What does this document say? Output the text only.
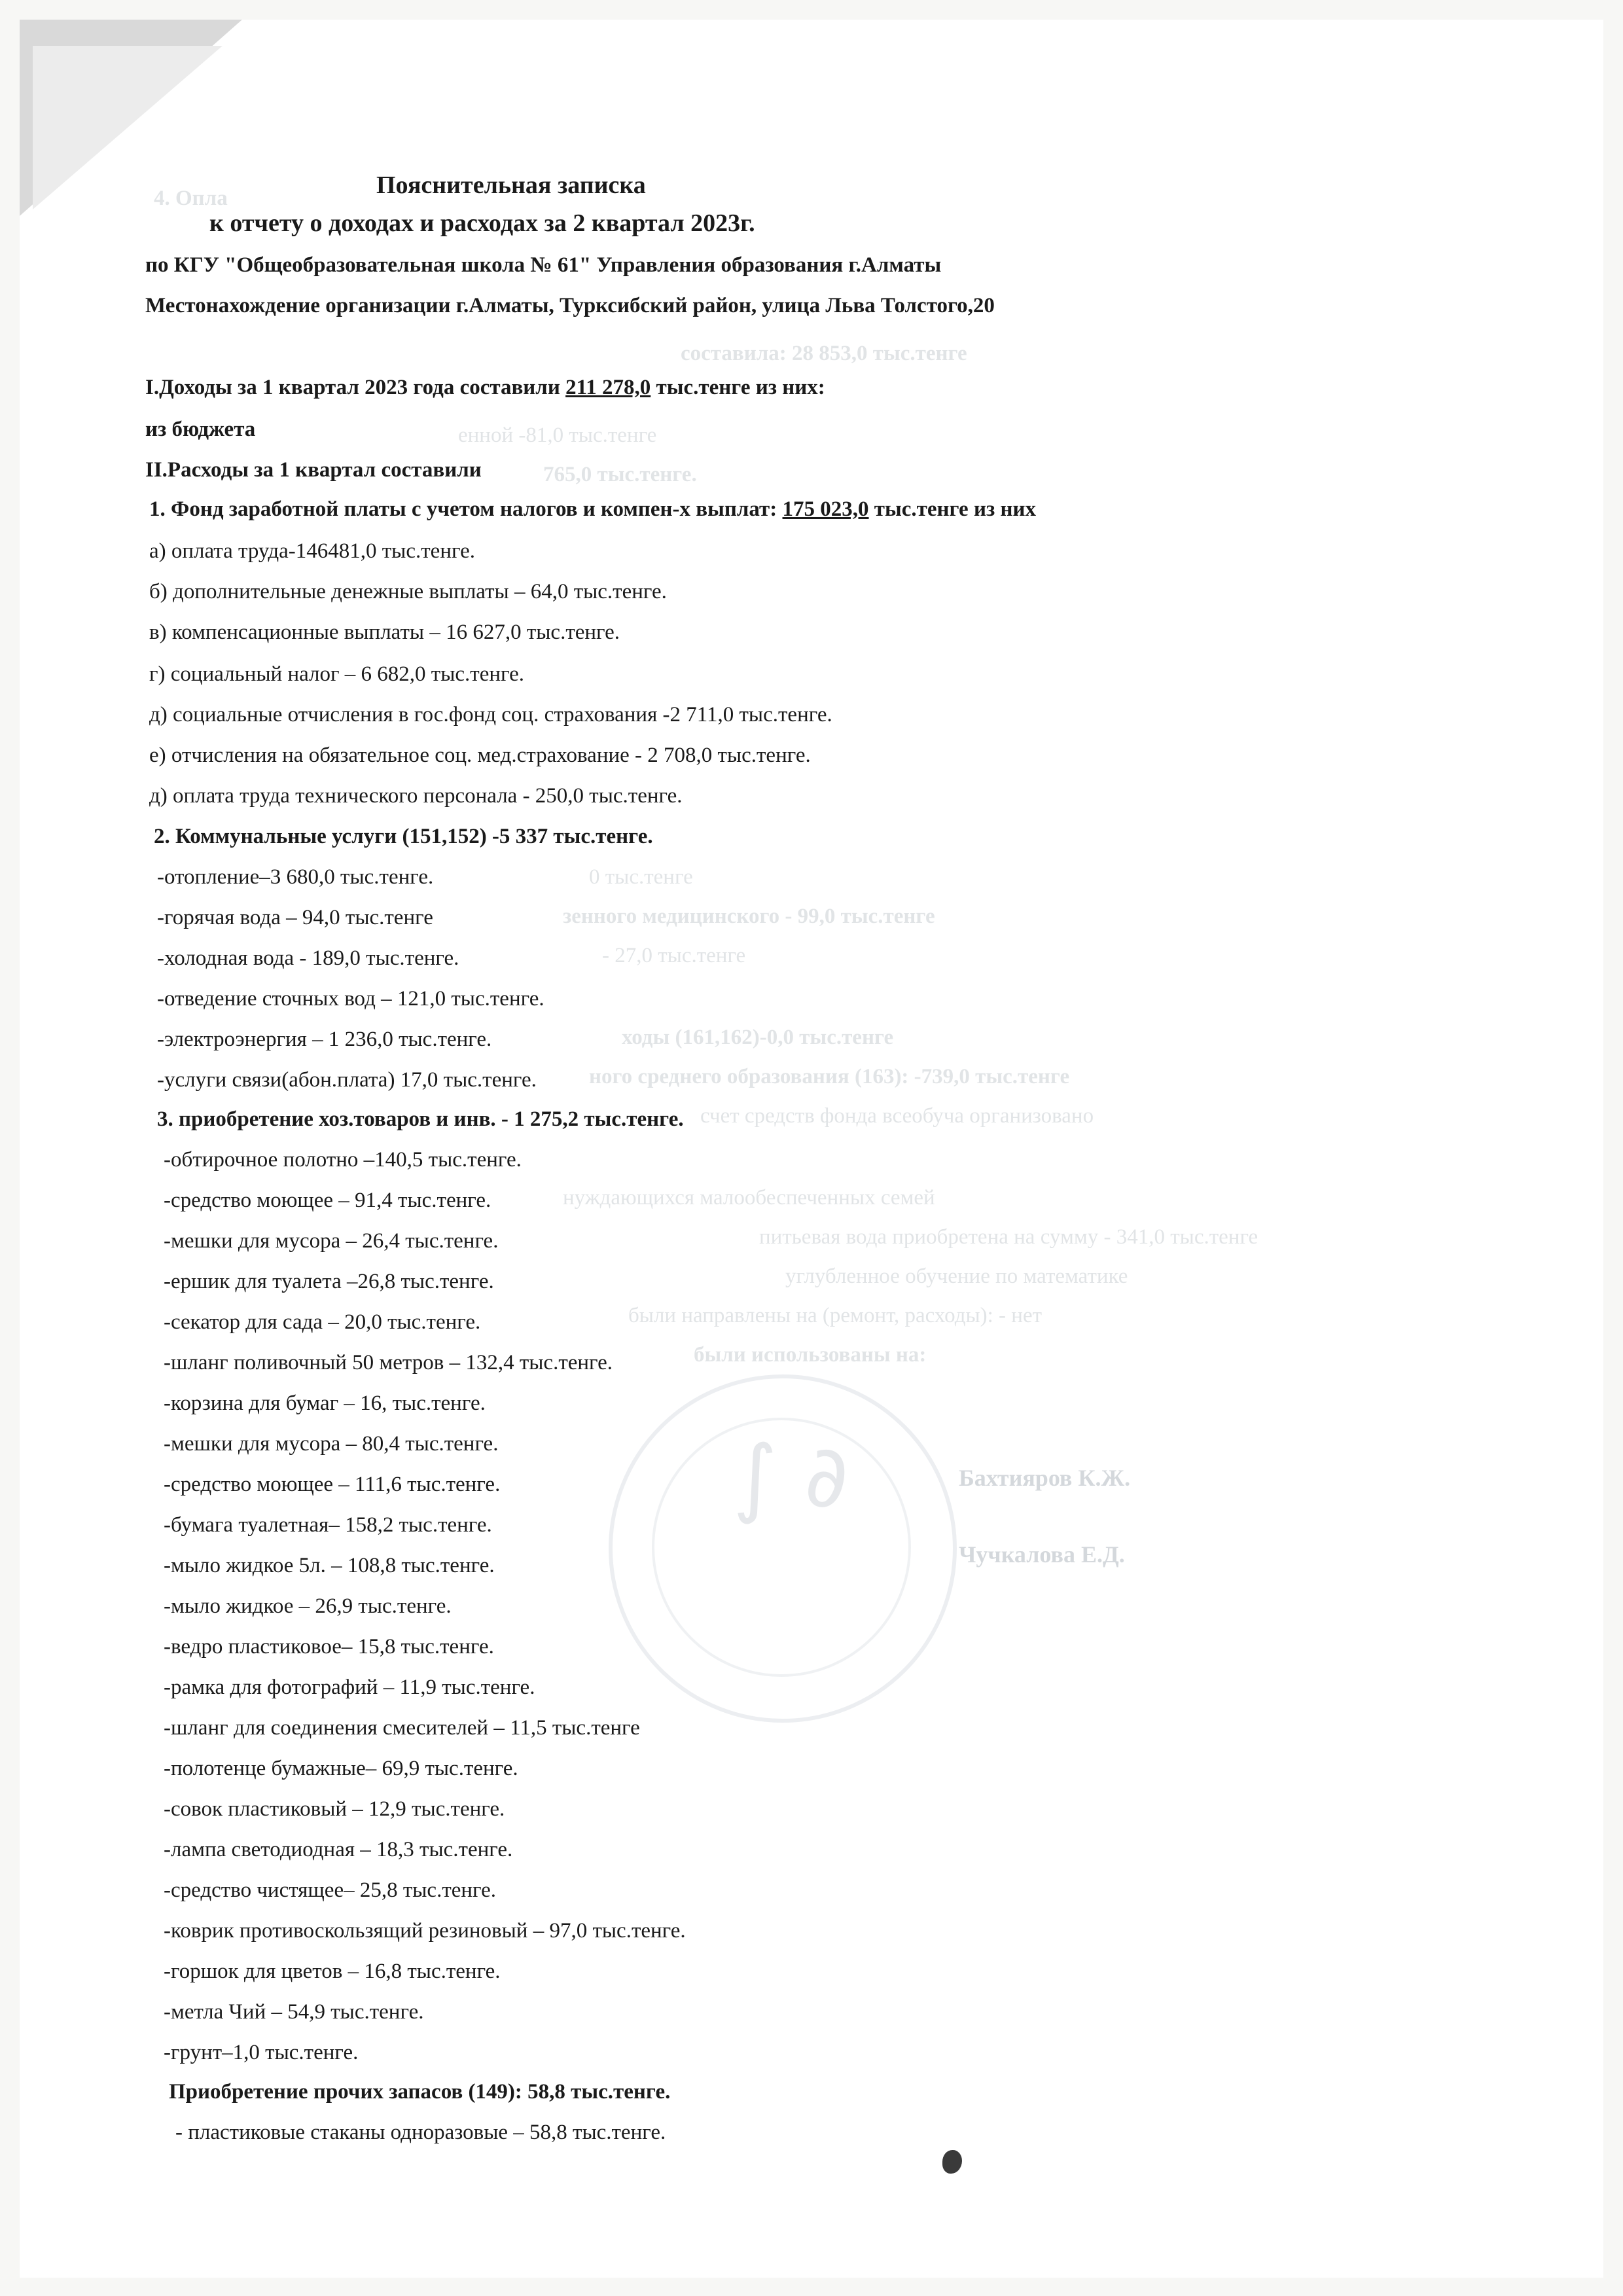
4. Опла
составила: 28 853,0 тыс.тенге
енной -81,0 тыс.тенге
765,0 тыс.тенге.
0 тыс.тенге
зенного медицинского - 99,0 тыс.тенге
- 27,0 тыс.тенге
ходы (161,162)-0,0 тыс.тенге
ного среднего образования (163): -739,0 тыс.тенге
счет средств фонда всеобуча организовано
нуждающихся малообеспеченных семей
питьевая вода приобретена на сумму - 341,0 тыс.тенге
углубленное обучение по математике
были направлены на (ремонт, расходы): - нет
были использованы на:
Бахтияров К.Ж.
Чучкалова Е.Д.
∫ ∂
Пояснительная записка
к отчету о доходах и расходах за 2 квартал 2023г.
по КГУ "Общеобразовательная школа № 61" Управления образования г.Алматы
Местонахождение организации г.Алматы, Турксибский район, улица Льва Толстого,20
I.Доходы за 1 квартал 2023 года составили 211 278,0 тыс.тенге из них:
из бюджета
II.Расходы за 1 квартал составили
1. Фонд заработной платы с учетом налогов и компен-х выплат: 175 023,0 тыс.тенге из них
а) оплата труда-146481,0 тыс.тенге.
б) дополнительные денежные выплаты – 64,0 тыс.тенге.
в) компенсационные выплаты – 16 627,0 тыс.тенге.
г) социальный налог – 6 682,0 тыс.тенге.
д) социальные отчисления в гос.фонд соц. страхования -2 711,0 тыс.тенге.
е) отчисления на обязательное соц. мед.страхование - 2 708,0 тыс.тенге.
д) оплата труда технического персонала - 250,0 тыс.тенге.
2. Коммунальные услуги (151,152) -5 337 тыс.тенге.
-отопление–3 680,0 тыс.тенге.
-горячая вода – 94,0 тыс.тенге
-холодная вода - 189,0 тыс.тенге.
-отведение сточных вод – 121,0 тыс.тенге.
-электроэнергия – 1 236,0 тыс.тенге.
-услуги связи(абон.плата) 17,0 тыс.тенге.
3. приобретение хоз.товаров и инв. - 1 275,2 тыс.тенге.
-обтирочное полотно –140,5 тыс.тенге.
-средство моющее – 91,4 тыс.тенге.
-мешки для мусора – 26,4 тыс.тенге.
-ершик для туалета –26,8 тыс.тенге.
-секатор для сада – 20,0 тыс.тенге.
-шланг поливочный 50 метров – 132,4 тыс.тенге.
-корзина для бумаг – 16, тыс.тенге.
-мешки для мусора – 80,4 тыс.тенге.
-средство моющее – 111,6 тыс.тенге.
-бумага туалетная– 158,2 тыс.тенге.
-мыло жидкое 5л. – 108,8 тыс.тенге.
-мыло жидкое – 26,9 тыс.тенге.
-ведро пластиковое– 15,8 тыс.тенге.
-рамка для фотографий – 11,9 тыс.тенге.
-шланг для соединения смесителей – 11,5 тыс.тенге
-полотенце бумажные– 69,9 тыс.тенге.
-совок пластиковый – 12,9 тыс.тенге.
-лампа светодиодная – 18,3 тыс.тенге.
-средство чистящее– 25,8 тыс.тенге.
-коврик противоскользящий резиновый – 97,0 тыс.тенге.
-горшок для цветов – 16,8 тыс.тенге.
-метла Чий – 54,9 тыс.тенге.
-грунт–1,0 тыс.тенге.
Приобретение прочих запасов (149): 58,8 тыс.тенге.
- пластиковые стаканы одноразовые – 58,8 тыс.тенге.
